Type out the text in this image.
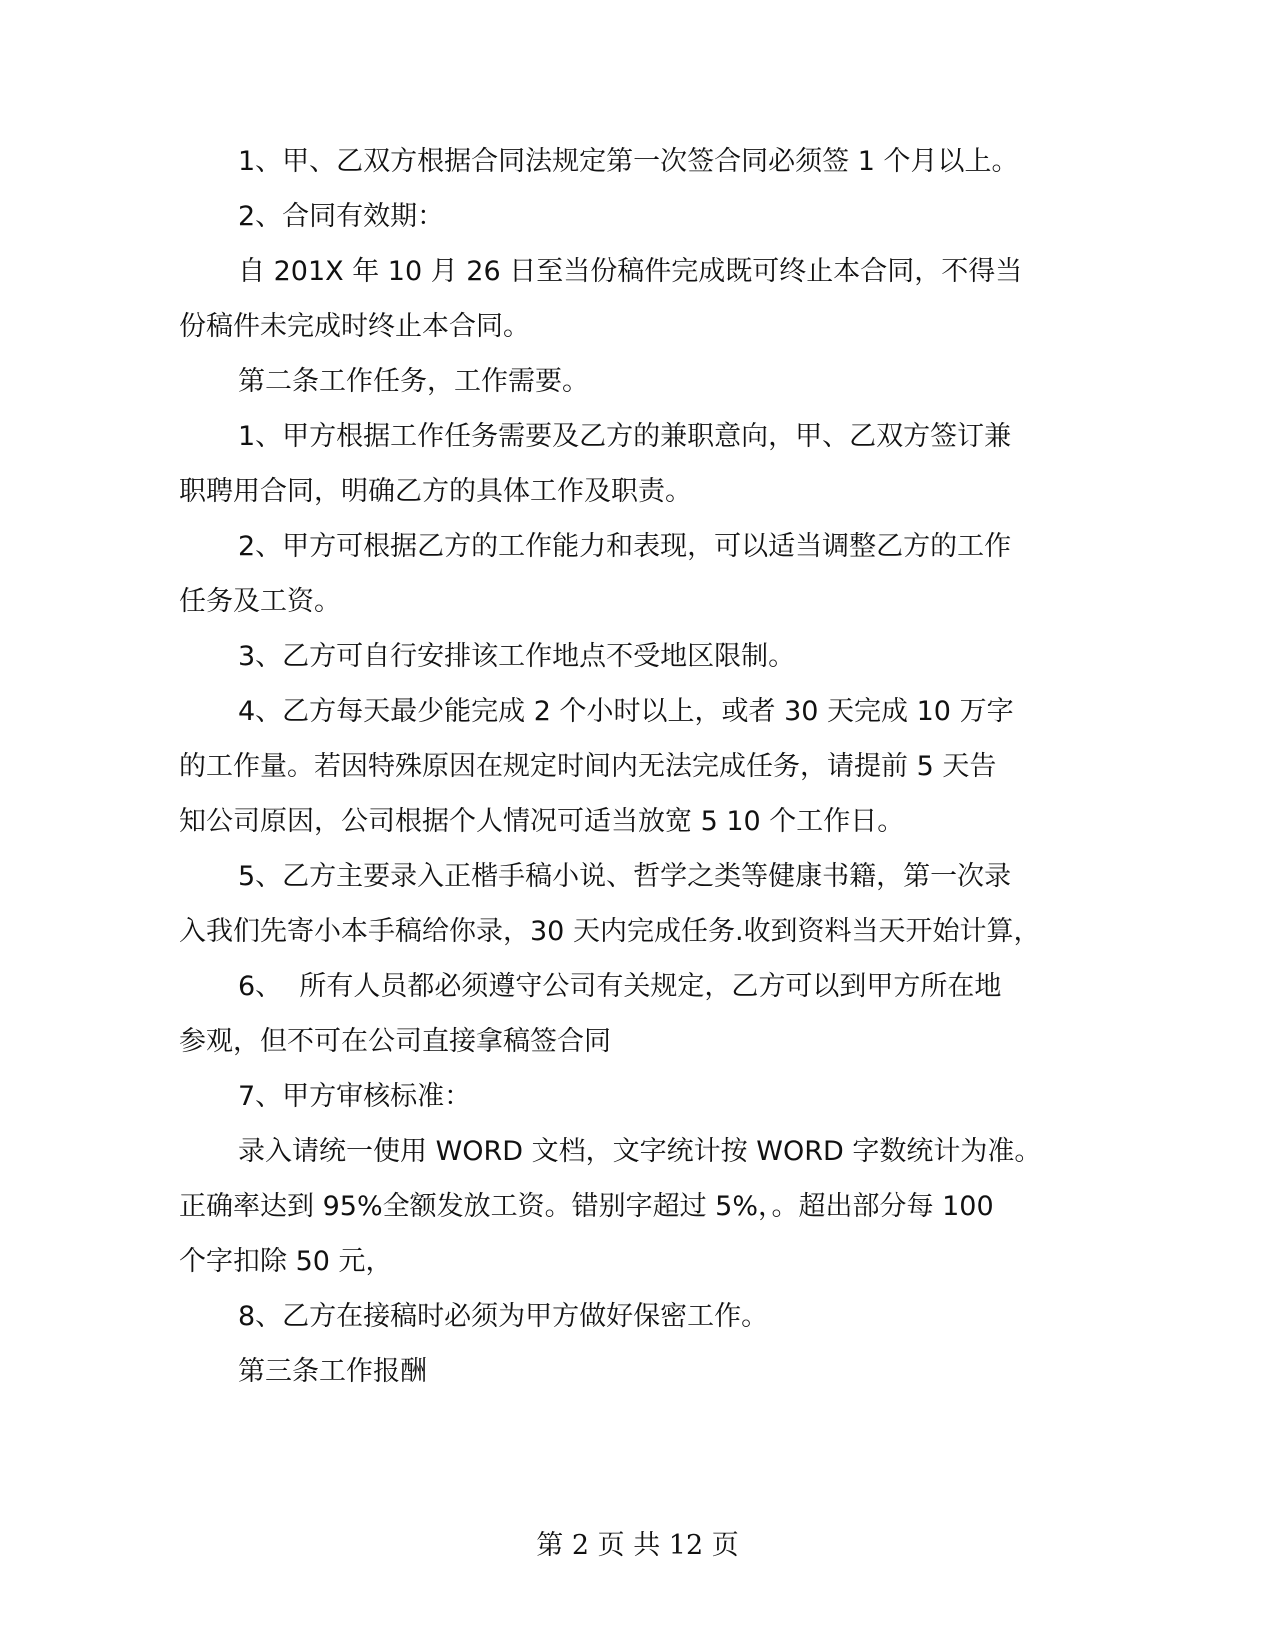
1、甲、乙双方根据合同法规定第一次签合同必须签 1 个月以上。
2、合同有效期：
自 201X 年 10 月 26 日至当份稿件完成既可终止本合同，不得当
份稿件未完成时终止本合同。
第二条工作任务，工作需要。
1、甲方根据工作任务需要及乙方的兼职意向，甲、乙双方签订兼
职聘用合同，明确乙方的具体工作及职责。
2、甲方可根据乙方的工作能力和表现，可以适当调整乙方的工作
任务及工资。
3、乙方可自行安排该工作地点不受地区限制。
4、乙方每天最少能完成 2 个小时以上，或者 30 天完成 10 万字
的工作量。若因特殊原因在规定时间内无法完成任务，请提前 5 天告
知公司原因，公司根据个人情况可适当放宽 5 10 个工作日。
5、乙方主要录入正楷手稿小说、哲学之类等健康书籍，第一次录
入我们先寄小本手稿给你录，30 天内完成任务.收到资料当天开始计算，
6、  所有人员都必须遵守公司有关规定，乙方可以到甲方所在地
参观，但不可在公司直接拿稿签合同
7、甲方审核标准：
录入请统一使用 WORD 文档，文字统计按 WORD 字数统计为准。
正确率达到 95%全额发放工资。错别字超过 5%，。超出部分每 100
个字扣除 50 元，
8、乙方在接稿时必须为甲方做好保密工作。
第三条工作报酬
第 2 页 共 12 页
